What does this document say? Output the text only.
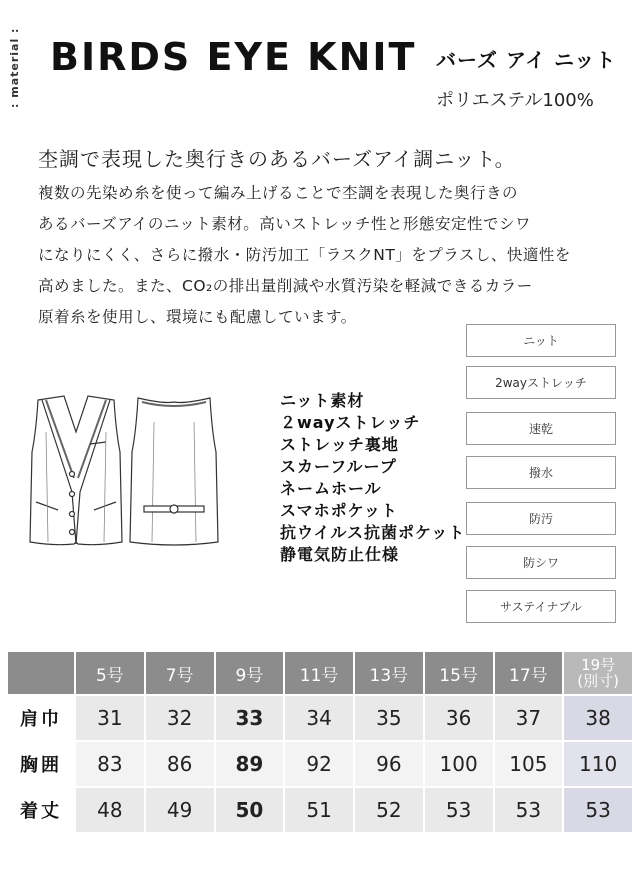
: material : BIRDS EYE KNIT バーズ アイ ニット
ポリエステル100%
杢調で表現した奥行きのあるバーズアイ調ニット。
複数の先染め糸を使って編み上げることで杢調を表現した奥行きの
あるバーズアイのニット素材。高いストレッチ性と形態安定性でシワ
になりにくく、さらに撥水・防汚加工「ラスクNT」をプラスし、快適性を
高めました。また、CO₂の排出量削減や水質汚染を軽減できるカラー
原着糸を使用し、環境にも配慮しています。
ニット
2wayストレッチ
速乾
撥水
防汚
防シワ
サステイナブル
ニット素材
２wayストレッチ
ストレッチ裏地
スカーフループ
ネームホール
スマホポケット
抗ウイルス抗菌ポケット
静電気防止仕様
	5号	7号	9号	11号	13号	15号	17号	19号
(別寸)

肩巾	31	32	33	34	35	36	37	38
胸囲	83	86	89	92	96	100	105	110
着丈	48	49	50	51	52	53	53	53
